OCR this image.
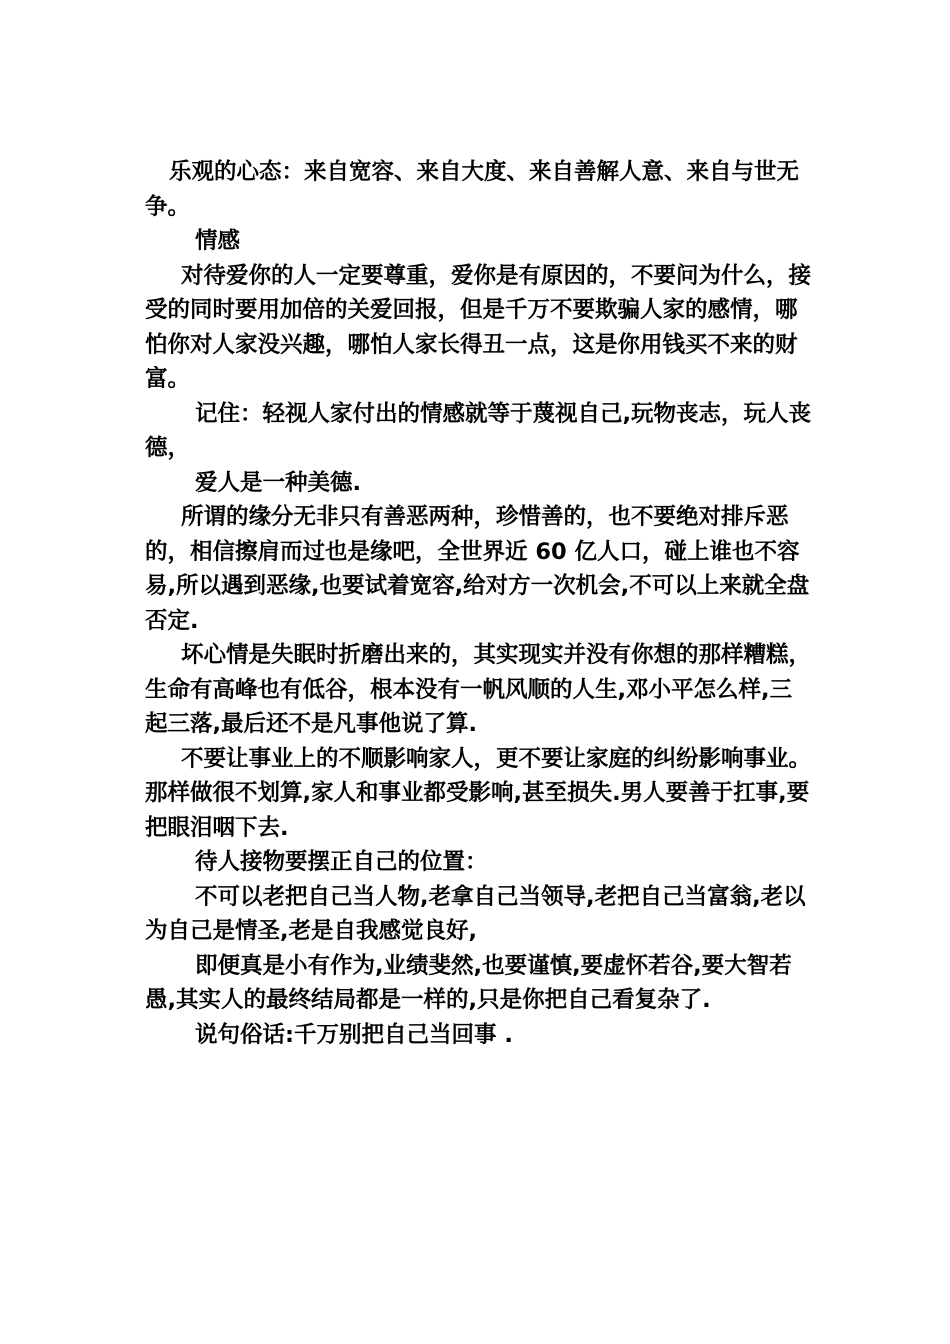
乐观的心态：来自宽容、来自大度、来自善解人意、来自与世无争。

情感

对待爱你的人一定要尊重，爱你是有原因的，不要问为什么，接受的同时要用加倍的关爱回报，但是千万不要欺骗人家的感情，哪怕你对人家没兴趣，哪怕人家长得丑一点，这是你用钱买不来的财富。

记住：轻视人家付出的情感就等于蔑视自己,玩物丧志，玩人丧德，

爱人是一种美德.

所谓的缘分无非只有善恶两种，珍惜善的，也不要绝对排斥恶的，相信擦肩而过也是缘吧，全世界近 60 亿人口，碰上谁也不容易,所以遇到恶缘,也要试着宽容,给对方一次机会,不可以上来就全盘否定.

坏心情是失眠时折磨出来的，其实现实并没有你想的那样糟糕，生命有高峰也有低谷，根本没有一帆风顺的人生,邓小平怎么样,三起三落,最后还不是凡事他说了算.

不要让事业上的不顺影响家人，更不要让家庭的纠纷影响事业。那样做很不划算,家人和事业都受影响,甚至损失.男人要善于扛事,要把眼泪咽下去.

待人接物要摆正自己的位置：

不可以老把自己当人物,老拿自己当领导,老把自己当富翁,老以为自己是情圣,老是自我感觉良好,

即便真是小有作为,业绩斐然,也要谨慎,要虚怀若谷,要大智若愚,其实人的最终结局都是一样的,只是你把自己看复杂了.

说句俗话:千万别把自己当回事 .
